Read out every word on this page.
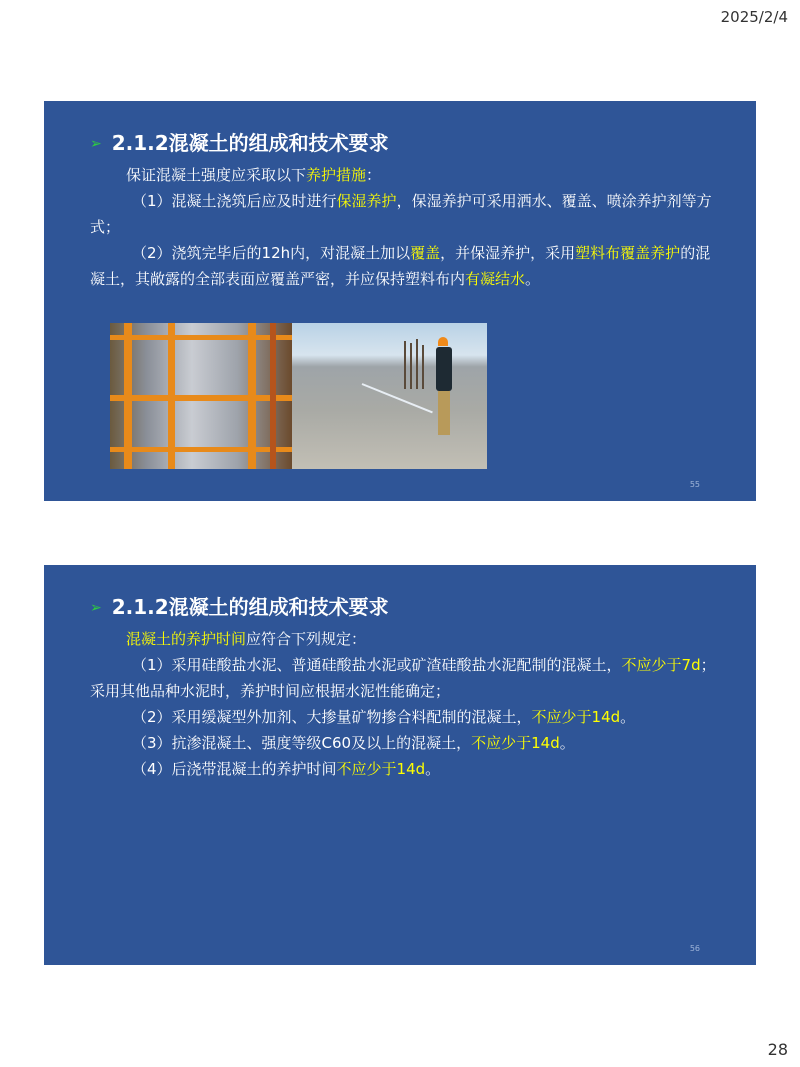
2025/2/4
➢ 2.1.2混凝土的组成和技术要求

保证混凝土强度应采取以下养护措施：

（1）混凝土浇筑后应及时进行保湿养护，保湿养护可采用洒水、覆盖、喷涂养护剂等方式；

（2）浇筑完毕后的12h内，对混凝土加以覆盖，并保湿养护，采用塑料布覆盖养护的混凝土，其敞露的全部表面应覆盖严密，并应保持塑料布内有凝结水。

55
➢ 2.1.2混凝土的组成和技术要求

混凝土的养护时间应符合下列规定：

（1）采用硅酸盐水泥、普通硅酸盐水泥或矿渣硅酸盐水泥配制的混凝土，不应少于7d；采用其他品种水泥时，养护时间应根据水泥性能确定；

（2）采用缓凝型外加剂、大掺量矿物掺合料配制的混凝土，不应少于14d。

（3）抗渗混凝土、强度等级C60及以上的混凝土，不应少于14d。

（4）后浇带混凝土的养护时间不应少于14d。

56
28
